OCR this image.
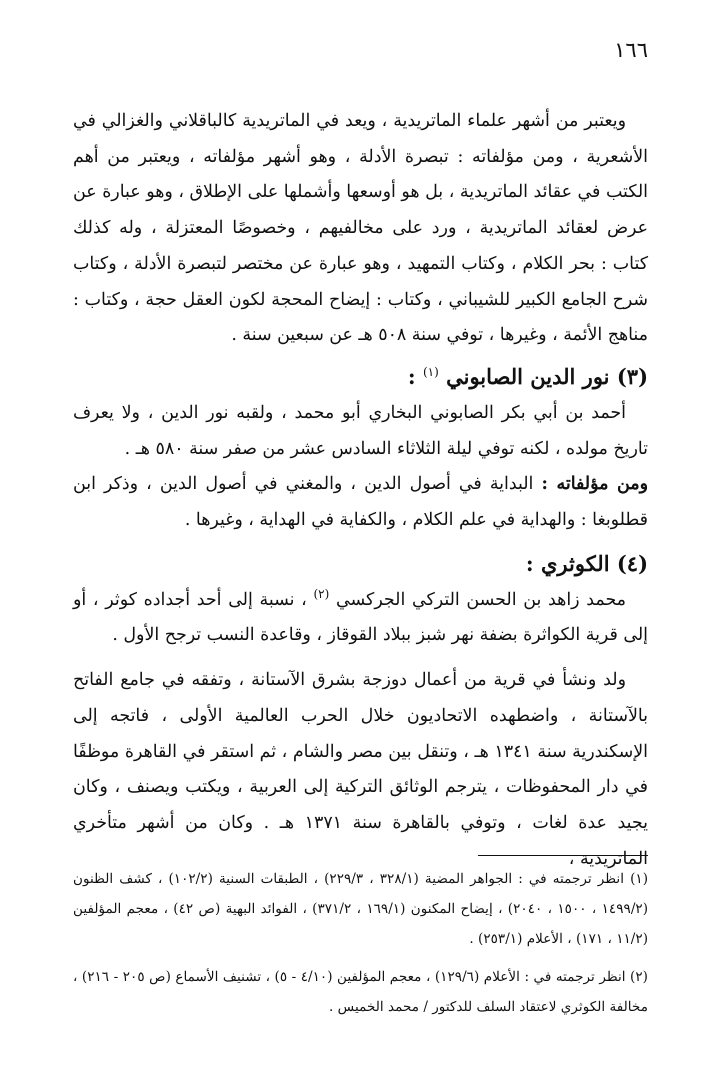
١٦٦

ويعتبر من أشهر علماء الماتريدية ، ويعد في الماتريدية كالباقلاني والغزالي في الأشعرية ، ومن مؤلفاته : تبصرة الأدلة ، وهو أشهر مؤلفاته ، ويعتبر من أهم الكتب في عقائد الماتريدية ، بل هو أوسعها وأشملها على الإطلاق ، وهو عبارة عن عرض لعقائد الماتريدية ، ورد على مخالفيهم ، وخصوصًا المعتزلة ، وله كذلك كتاب : بحر الكلام ، وكتاب التمهيد ، وهو عبارة عن مختصر لتبصرة الأدلة ، وكتاب شرح الجامع الكبير للشيباني ، وكتاب : إيضاح المحجة لكون العقل حجة ، وكتاب : مناهج الأئمة ، وغيرها ، توفي سنة ٥٠٨ هـ عن سبعين سنة .

(٣) نور الدين الصابوني $^{(١)}$ :

أحمد بن أبي بكر الصابوني البخاري أبو محمد ، ولقبه نور الدين ، ولا يعرف تاريخ مولده ، لكنه توفي ليلة الثلاثاء السادس عشر من صفر سنة ٥٨٠ هـ .

ومن مؤلفاته : البداية في أصول الدين ، والمغني في أصول الدين ، وذكر ابن قطلوبغا : والهداية في علم الكلام ، والكفاية في الهداية ، وغيرها .

(٤) الكوثري :

محمد زاهد بن الحسن التركي الجركسي $^{(٢)}$ ، نسبة إلى أحد أجداده كوثر ، أو إلى قرية الكواثرة بضفة نهر شبز ببلاد القوقاز ، وقاعدة النسب ترجح الأول .

ولد ونشأ في قرية من أعمال دوزجة بشرق الآستانة ، وتفقه في جامع الفاتح بالآستانة ، واضطهده الاتحاديون خلال الحرب العالمية الأولى ، فاتجه إلى الإسكندرية سنة ١٣٤١ هـ ، وتنقل بين مصر والشام ، ثم استقر في القاهرة موظفًا في دار المحفوظات ، يترجم الوثائق التركية إلى العربية ، ويكتب ويصنف ، وكان يجيد عدة لغات ، وتوفي بالقاهرة سنة ١٣٧١ هـ . وكان من أشهر متأخري الماتريدية ،

(١) انظر ترجمته في : الجواهر المضية (٣٢٨/١ ، ٢٢٩/٣) ، الطبقات السنية (١٠٢/٢) ، كشف الظنون (١٤٩٩/٢ ، ١٥٠٠ ، ٢٠٤٠) ، إيضاح المكنون (١٦٩/١ ، ٣٧١/٢) ، الفوائد البهية (ص ٤٢) ، معجم المؤلفين (١١/٢ ، ١٧١) ، الأعلام (٢٥٣/١) .

(٢) انظر ترجمته في : الأعلام (١٢٩/٦) ، معجم المؤلفين (٤/١٠ - ٥) ، تشنيف الأسماع (ص ٢٠٥ - ٢١٦) ، مخالفة الكوثري لاعتقاد السلف للدكتور / محمد الخميس .
